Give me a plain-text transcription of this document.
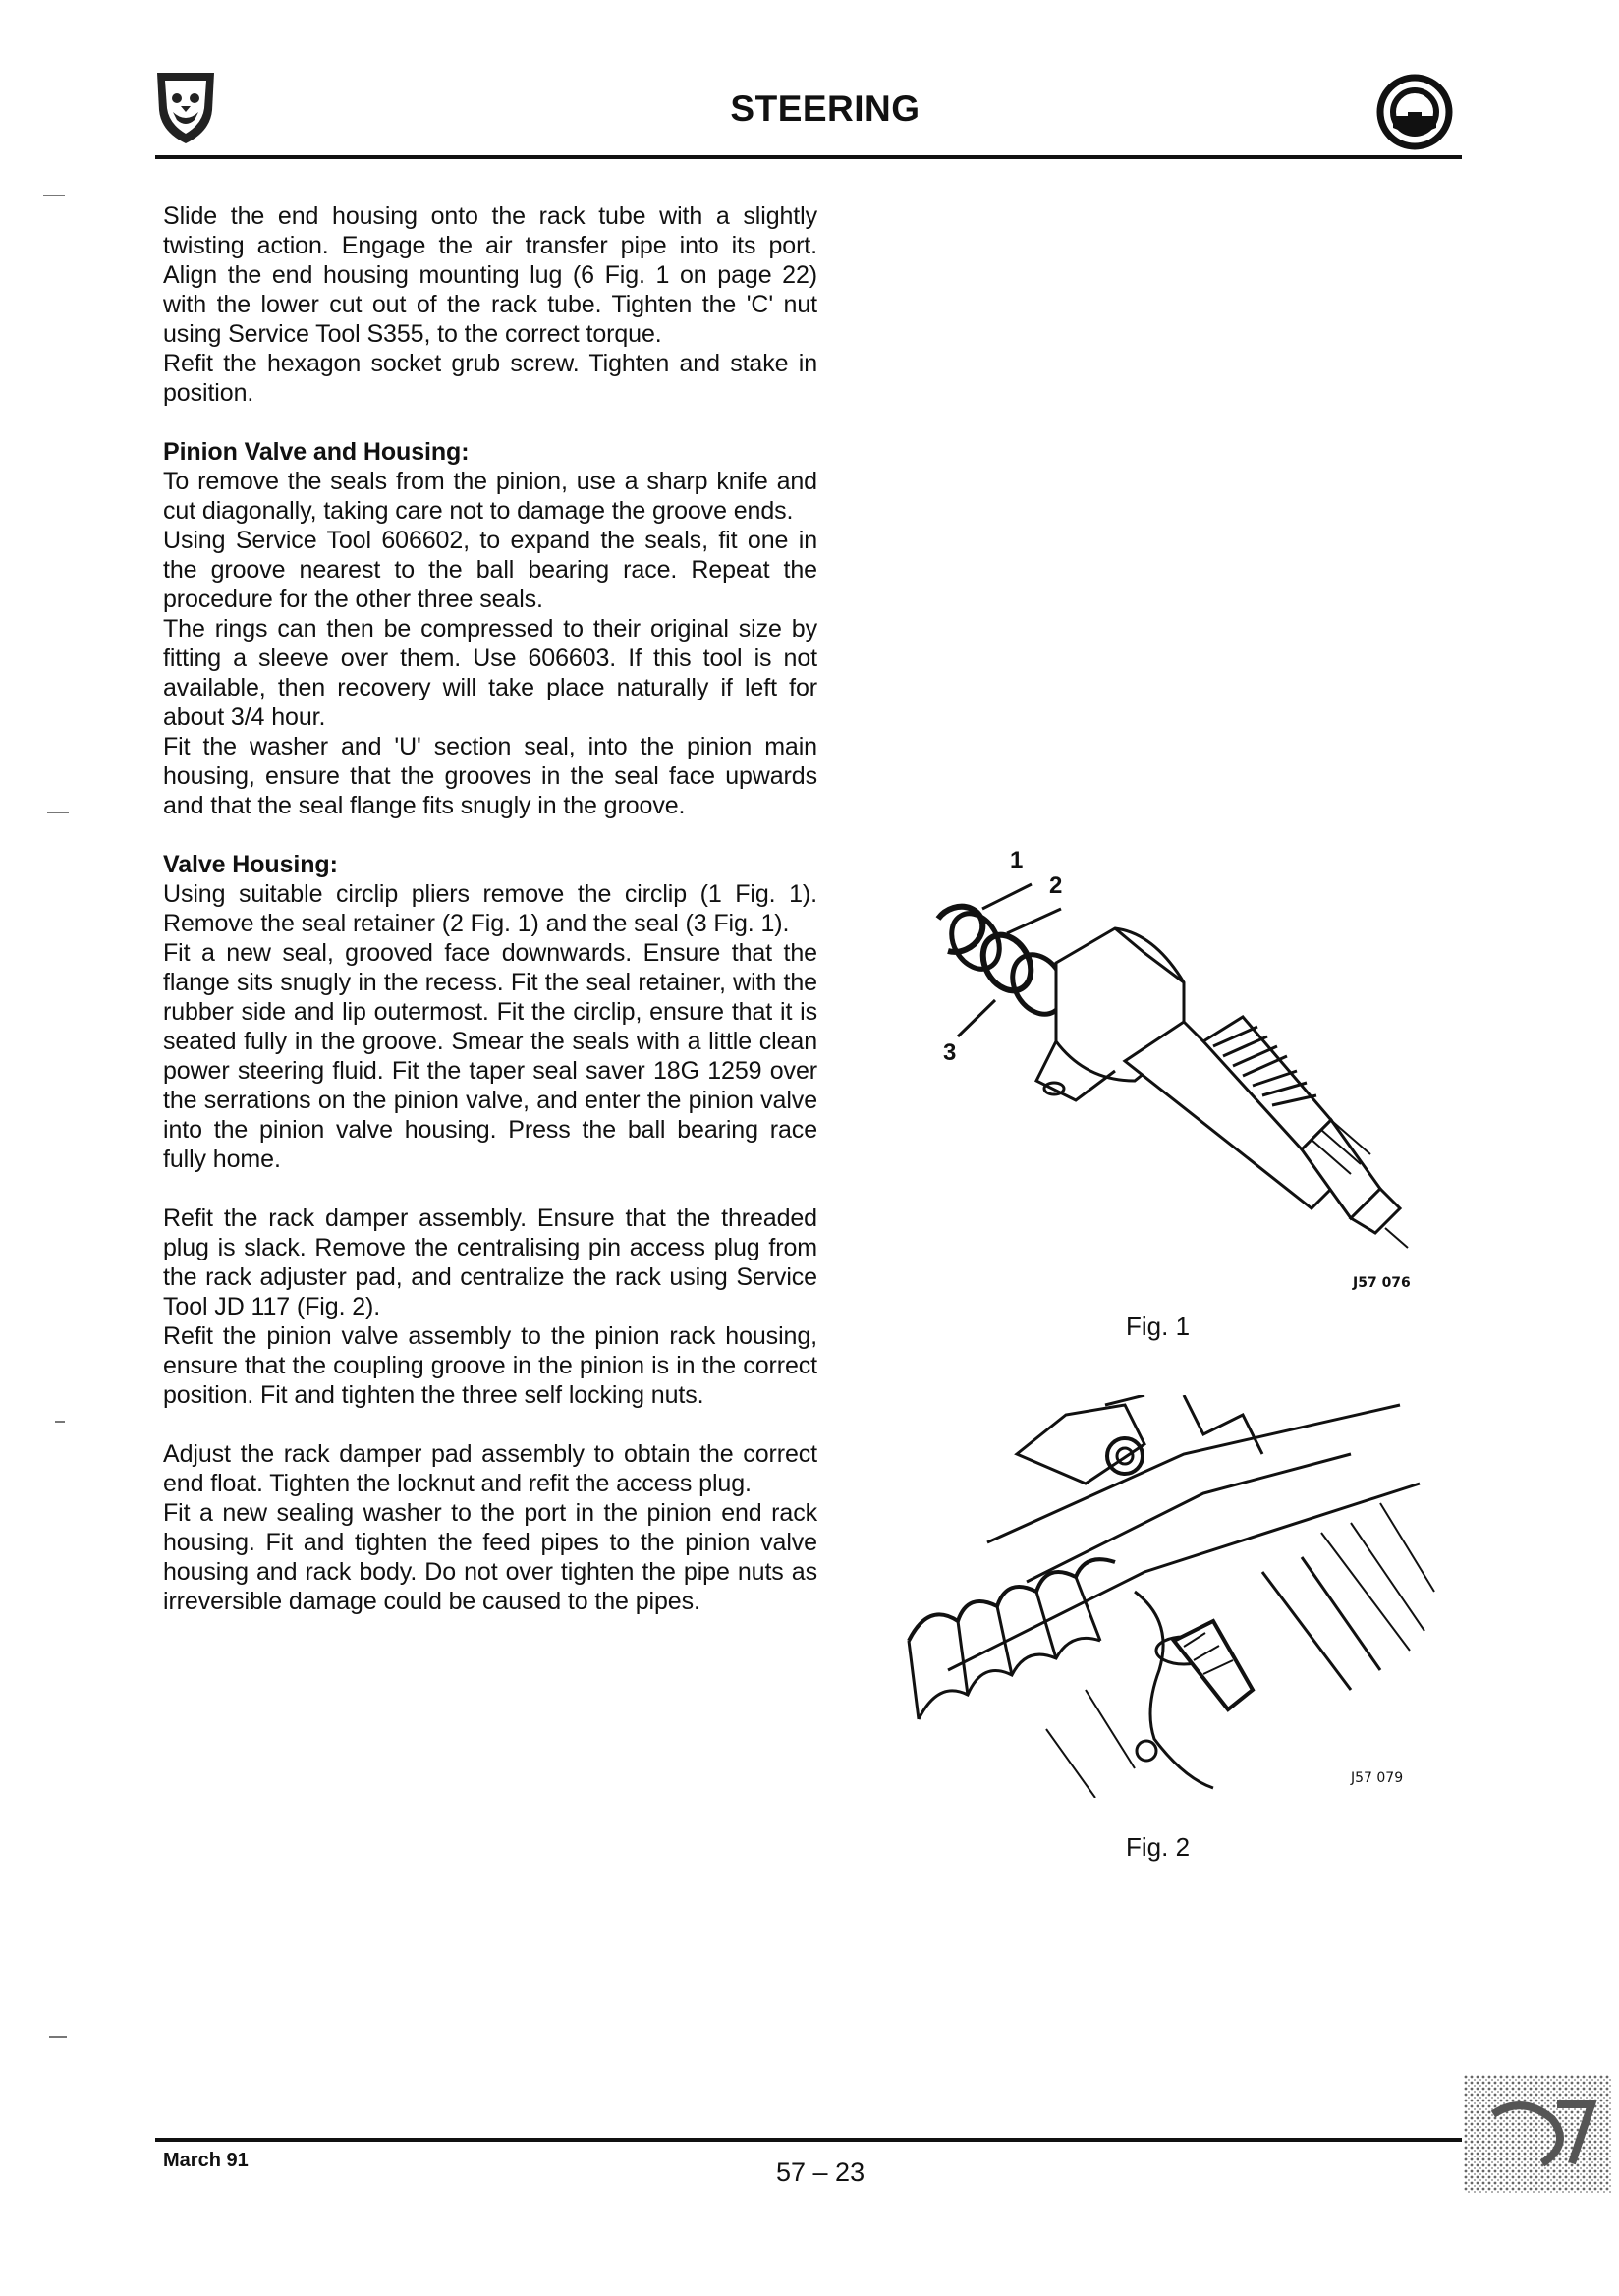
STEERING

Slide the end housing onto the rack tube with a slightly twisting action. Engage the air transfer pipe into its port. Align the end housing mounting lug (6 Fig. 1 on page 22) with the lower cut out of the rack tube. Tighten the 'C' nut using Service Tool S355, to the correct torque.

Refit the hexagon socket grub screw. Tighten and stake in position.

Pinion Valve and Housing:

To remove the seals from the pinion, use a sharp knife and cut diagonally, taking care not to damage the groove ends.

Using Service Tool 606602, to expand the seals, fit one in the groove nearest to the ball bearing race. Repeat the procedure for the other three seals.

The rings can then be compressed to their original size by fitting a sleeve over them. Use 606603. If this tool is not available, then recovery will take place naturally if left for about 3/4 hour.

Fit the washer and 'U' section seal, into the pinion main housing, ensure that the grooves in the seal face upwards and that the seal flange fits snugly in the groove.

Valve Housing:

Using suitable circlip pliers remove the circlip (1 Fig. 1). Remove the seal retainer (2 Fig. 1) and the seal (3 Fig. 1).

Fit a new seal, grooved face downwards. Ensure that the flange sits snugly in the recess. Fit the seal retainer, with the rubber side and lip outermost. Fit the circlip, ensure that it is seated fully in the groove. Smear the seals with a little clean power steering fluid. Fit the taper seal saver 18G 1259 over the serrations on the pinion valve, and enter the pinion valve into the pinion valve housing. Press the ball bearing race fully home.

Refit the rack damper assembly. Ensure that the threaded plug is slack. Remove the centralising pin access plug from the rack adjuster pad, and centralize the rack using Service Tool JD 117 (Fig. 2).

Refit the pinion valve assembly to the pinion rack housing, ensure that the coupling groove in the pinion is in the correct position. Fit and tighten the three self locking nuts.

Adjust the rack damper pad assembly to obtain the correct end float. Tighten the locknut and refit the access plug.

Fit a new sealing washer to the port in the pinion end rack housing. Fit and tighten the feed pipes to the pinion valve housing and rack body. Do not over tighten the pipe nuts as irreversible damage could be caused to the pipes.

1
2
3
J57 076
Fig. 1
J57 079
Fig. 2
March 91	57 – 23
